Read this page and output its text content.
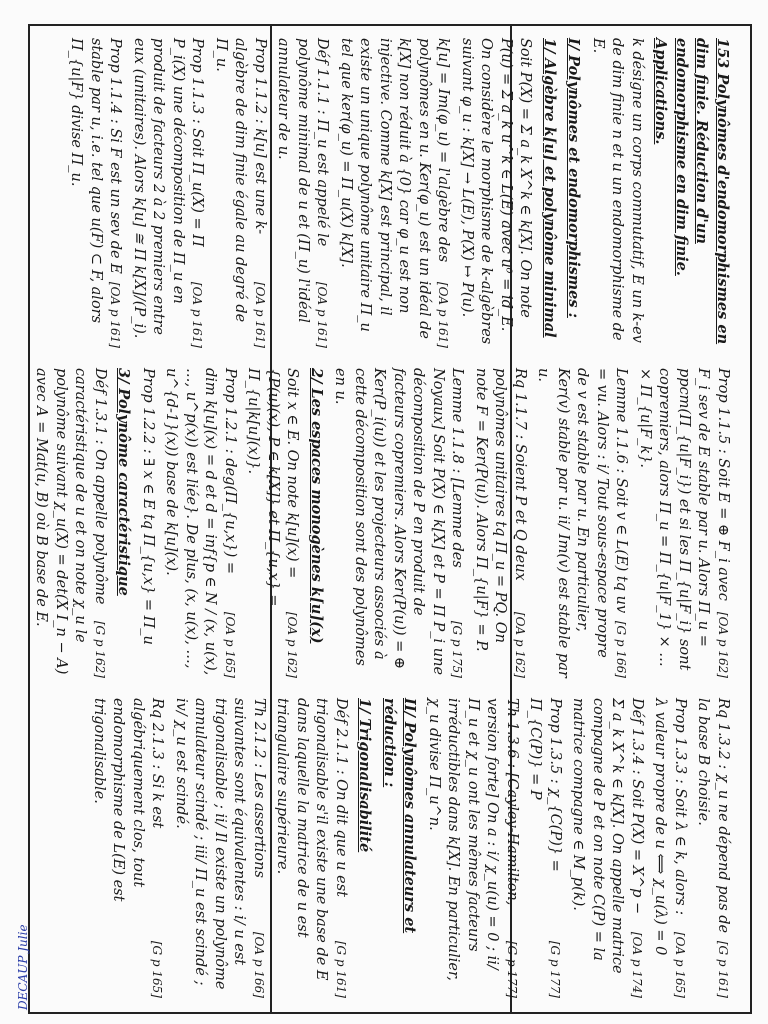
DECAUP Julie

153 Polynômes d'endomorphismes en dim finie. Réduction d'un endomorphisme en dim finie. Applications.

k désigne un corps commutatif, E un k-ev de dim finie n et u un endomorphisme de E.

I/ Polynômes et endomorphismes :

1/ Algèbre k[u] et polynôme minimal

Soit P(X) = Σ a_k X^k ∈ k[X]. On note P(u) = Σ a_k u^k ∈ L(E) avec u⁰ = id_E. On considère le morphisme de k-algèbres suivant φ_u : k[X] → L(E), P(X) ↦ P(u).

[OA p 161]
k[u] = Im(φ_u) = l'algèbre des polynômes en u. Ker(φ_u) est un idéal de k[X] non réduit à {0} car φ_u est non injective. Comme k[X] est principal, il existe un unique polynôme unitaire Π_u tel que ker(φ_u) = Π_u(X) k[X].

[OA p 161]
Déf 1.1.1 : Π_u est appelé le polynôme minimal de u et (Π_u) l'idéal annulateur de u.

[OA p 161]
Prop 1.1.2 : k[u] est une k-algèbre de dim finie égale au degré de Π_u.

[OA p 161]
Prop 1.1.3 : Soit Π_u(X) = Π P_i(X) une décomposition de Π_u en produit de facteurs 2 à 2 premiers entre eux (unitaires). Alors k[u] ≅ Π k[X]/(P_i).

[OA p 161]
Prop 1.1.4 : Si F est un sev de E stable par u, i.e. tel que u(F) ⊂ F, alors Π_{u|F} divise Π_u.

[OA p 162]
Prop 1.1.5 : Soit E = ⊕ F_i avec F_i sev de E stable par u. Alors Π_u = ppcm(Π_{u|F_i}) et si les Π_{u|F_i} sont copremiers, alors Π_u = Π_{u|F_1} × … × Π_{u|F_k}.

[G p 166]
Lemme 1.1.6 : Soit v ∈ L(E) tq uv = vu. Alors : i/ Tout sous-espace propre de v est stable par u. En particulier, Ker(v) stable par u. ii/ Im(v) est stable par u.

[OA p 162]
Rq 1.1.7 : Soient P et Q deux polynômes unitaires tq Π_u = PQ. On note F = Ker(P(u)). Alors Π_{u|F} = P.

[G p 175]
Lemme 1.1.8 : [Lemme des Noyaux] Soit P(X) ∈ k[X] et P = Π P_i une décomposition de P en produit de facteurs copremiers. Alors Ker(P(u)) = ⊕ Ker(P_i(u)) et les projecteurs associés à cette décomposition sont des polynômes en u.

2/ Les espaces monogènes k[u](x)

[OA p 162]
Soit x ∈ E. On note k[u](x) = {P(u)(x), P ∈ k[X]} et Π_{u,x} = Π_{u|k[u](x)}.

[OA p 165]
Prop 1.2.1 : deg(Π_{u,x}) = dim k[u](x) = d et d = inf{p ∈ N / (x, u(x), …, u^p(x)) est liée}. De plus, (x, u(x), …, u^{d-1}(x)) base de k[u](x).

Prop 1.2.2 : ∃ x ∈ E tq Π_{u,x} = Π_u

3/ Polynôme caractéristique

[G p 162]
Déf 1.3.1 : On appelle polynôme caractéristique de u et on note χ_u le polynôme suivant χ_u(X) = det(X I_n − A) avec A = Mat(u, B) où B base de E.

[G p 161]
Rq 1.3.2 : χ_u ne dépend pas de la base B choisie.

[OA p 165]
Prop 1.3.3 : Soit λ ∈ k, alors : λ valeur propre de u ⟺ χ_u(λ) = 0

[OA p 174]
Déf 1.3.4 : Soit P(X) = X^p − Σ a_k X^k ∈ k[X]. On appelle matrice compagne de P et on note C(P) = la matrice compagne ∈ M_p(k).

[G p 177]
Prop 1.3.5 : χ_{C(P)} = Π_{C(P)} = P

[G p 177]
Th 1.3.6 : [Cayley-Hamilton, version forte] On a : i/ χ_u(u) = 0 ; ii/ Π_u et χ_u ont les mêmes facteurs irréductibles dans k[X]. En particulier, χ_u divise Π_u^n.

II/ Polynômes annulateurs et réduction :

1/ Trigonalisabilité

[G p 161]
Déf 2.1.1 : On dit que u est trigonalisable s'il existe une base de E dans laquelle la matrice de u est triangulaire supérieure.

[OA p 166]
Th 2.1.2 : Les assertions suivantes sont équivalentes : i/ u est trigonalisable ; ii/ Il existe un polynôme annulateur scindé ; iii/ Π_u est scindé ; iv/ χ_u est scindé.

[G p 165]
Rq 2.1.3 : Si k est algébriquement clos, tout endomorphisme de L(E) est trigonalisable.
